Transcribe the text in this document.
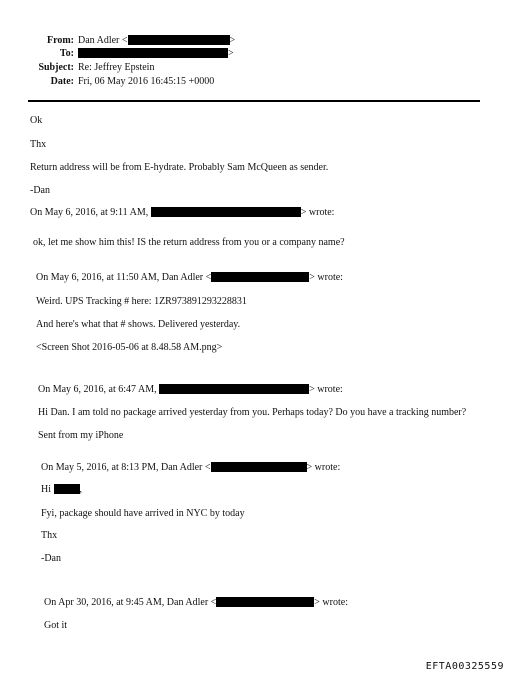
From: Dan Adler <	>
To:	>
Subject: Re: Jeffrey Epstein
Date: Fri, 06 May 2016 16:45:15 +0000
Ok
Thx
Return address will be from E-hydrate. Probably Sam McQueen as sender.
-Dan
On May 6, 2016, at 9:11 AM,	> wrote:
ok, let me show him this! IS the return address from you or a company name?
On May 6, 2016, at 11:50 AM, Dan Adler <	> wrote:
Weird. UPS Tracking # here: 1ZR973891293228831
And here's what that # shows. Delivered yesterday.
<Screen Shot 2016-05-06 at 8.48.58 AM.png>
On May 6, 2016, at 6:47 AM,	> wrote:
Hi Dan. I am told no package arrived yesterday from you. Perhaps today? Do you have a tracking number?
Sent from my iPhone
On May 5, 2016, at 8:13 PM, Dan Adler <	> wrote:
Hi	,
Fyi, package should have arrived in NYC by today
Thx
-Dan
On Apr 30, 2016, at 9:45 AM, Dan Adler <	> wrote:
Got it
EFTA00325559
